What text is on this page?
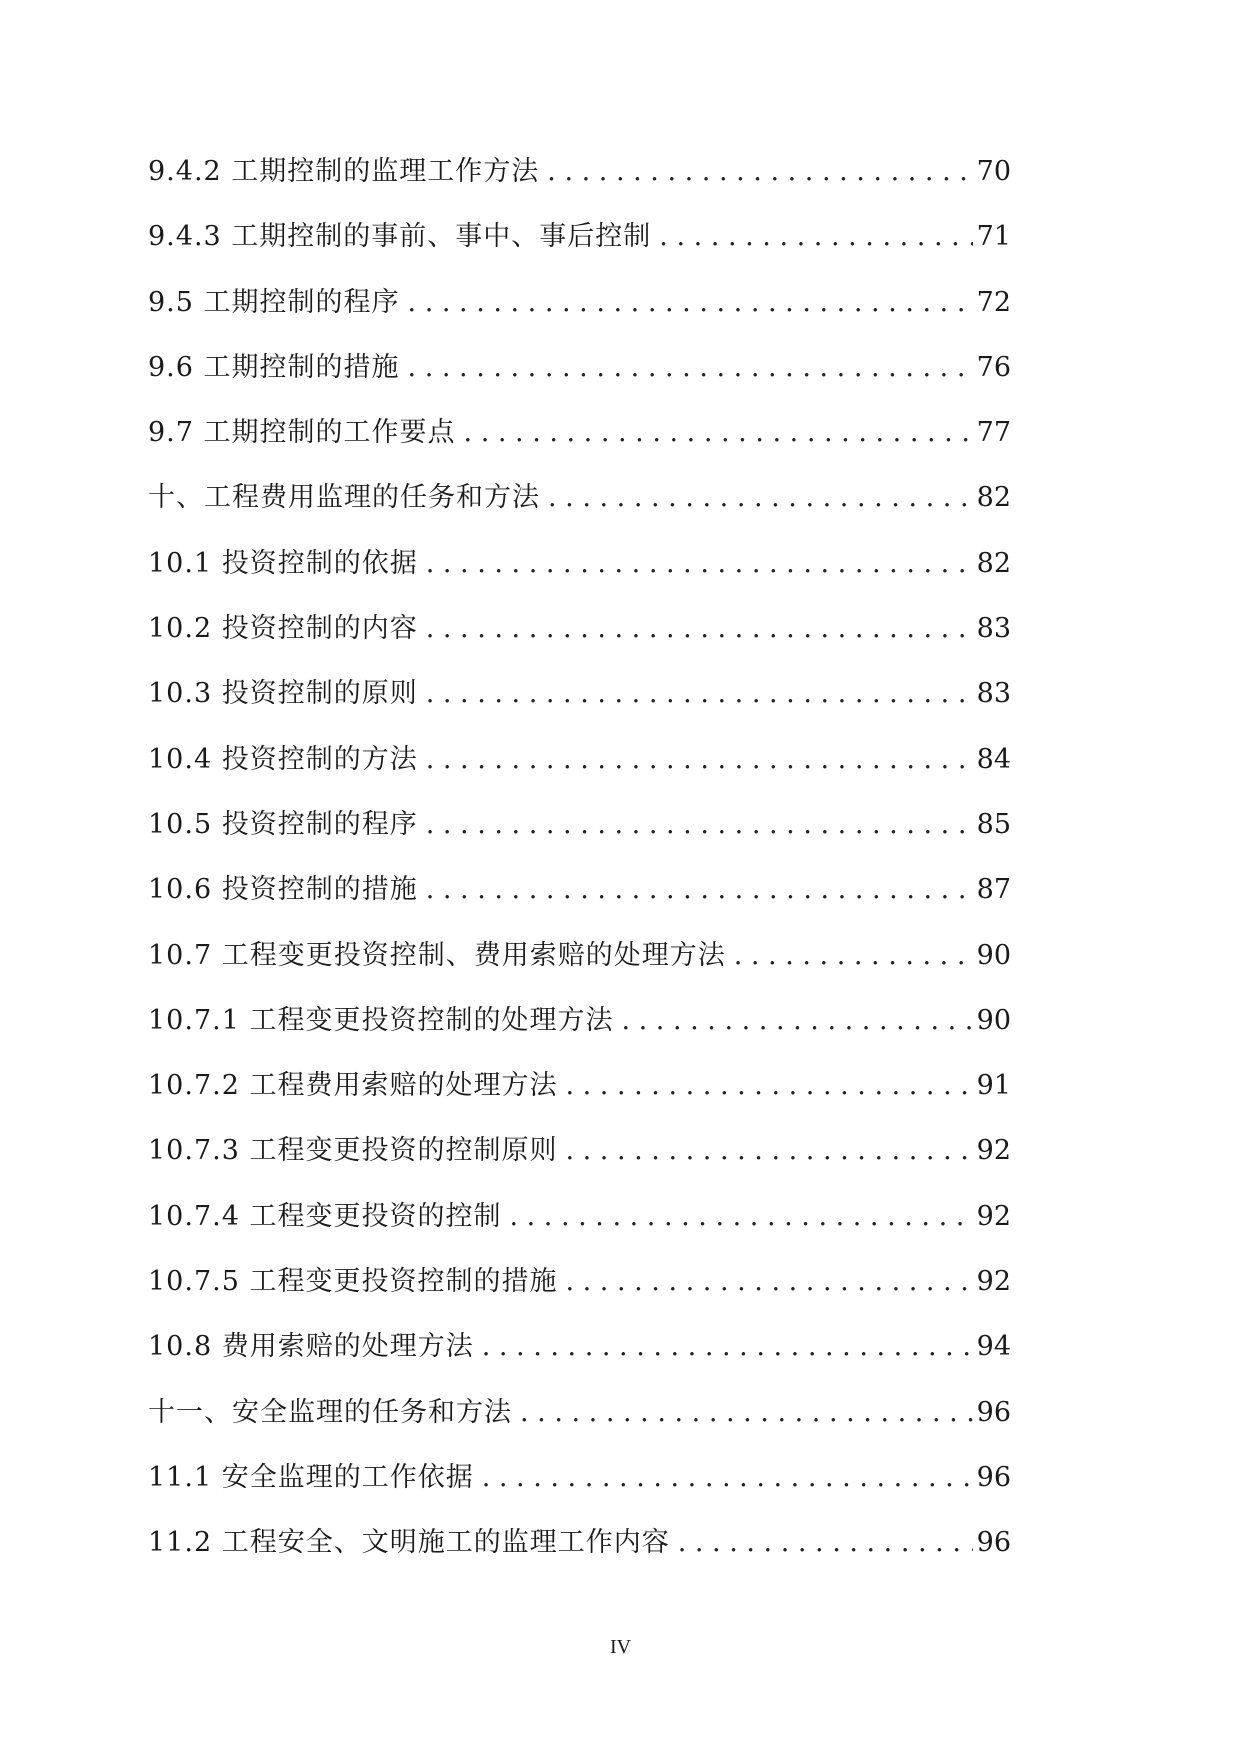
9.4.2 工期控制的监理工作方法 . . .	70
9.4.3 工期控制的事前、事中、事后控制 . . .	71
9.5 工期控制的程序 . . .	72
9.6 工期控制的措施 . . .	76
9.7 工期控制的工作要点 . . .	77
十、工程费用监理的任务和方法 . . .	82
10.1 投资控制的依据 . . .	82
10.2 投资控制的内容 . . .	83
10.3 投资控制的原则 . . .	83
10.4 投资控制的方法 . . .	84
10.5 投资控制的程序 . . .	85
10.6 投资控制的措施 . . .	87
10.7 工程变更投资控制、费用索赔的处理方法 . . .	90
10.7.1 工程变更投资控制的处理方法 . . .	90
10.7.2 工程费用索赔的处理方法 . . .	91
10.7.3 工程变更投资的控制原则 . . .	92
10.7.4 工程变更投资的控制 . . .	92
10.7.5 工程变更投资控制的措施 . . .	92
10.8 费用索赔的处理方法 . . .	94
十一、安全监理的任务和方法 . . .	96
11.1 安全监理的工作依据 . . .	96
11.2 工程安全、文明施工的监理工作内容 . . .	96
IV
